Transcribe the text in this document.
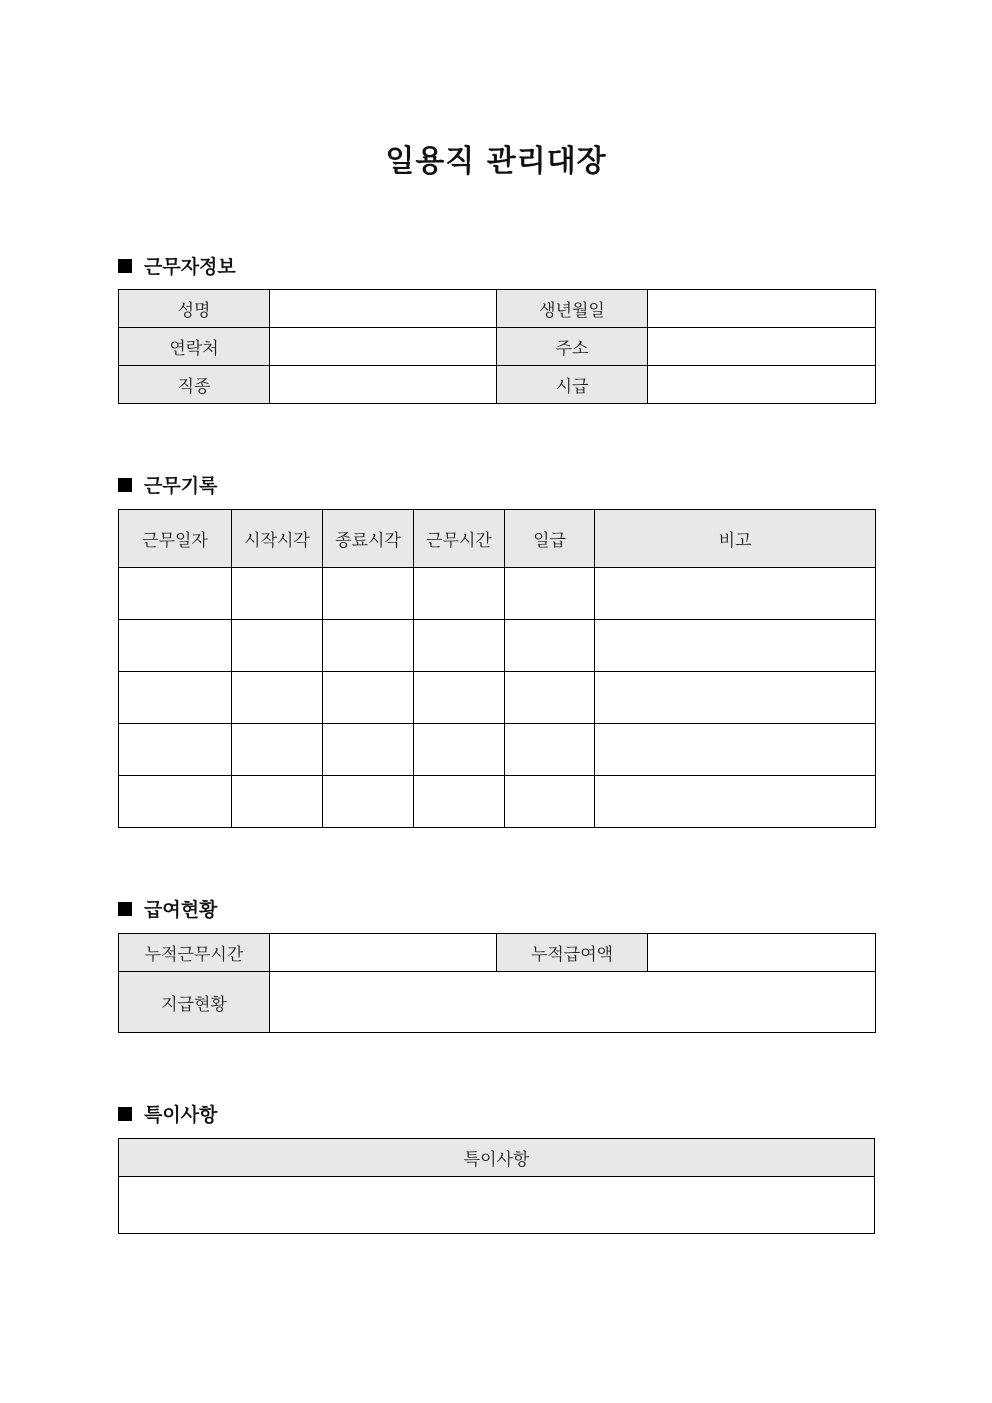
일용직 관리대장
근무자정보
성명		생년월일	
연락처		주소	
직종		시급	
근무기록
근무일자	시작시각	종료시각	근무시간	일급	비고

급여현황
누적근무시간		누적급여액	
지급현황			
특이사항
특이사항
